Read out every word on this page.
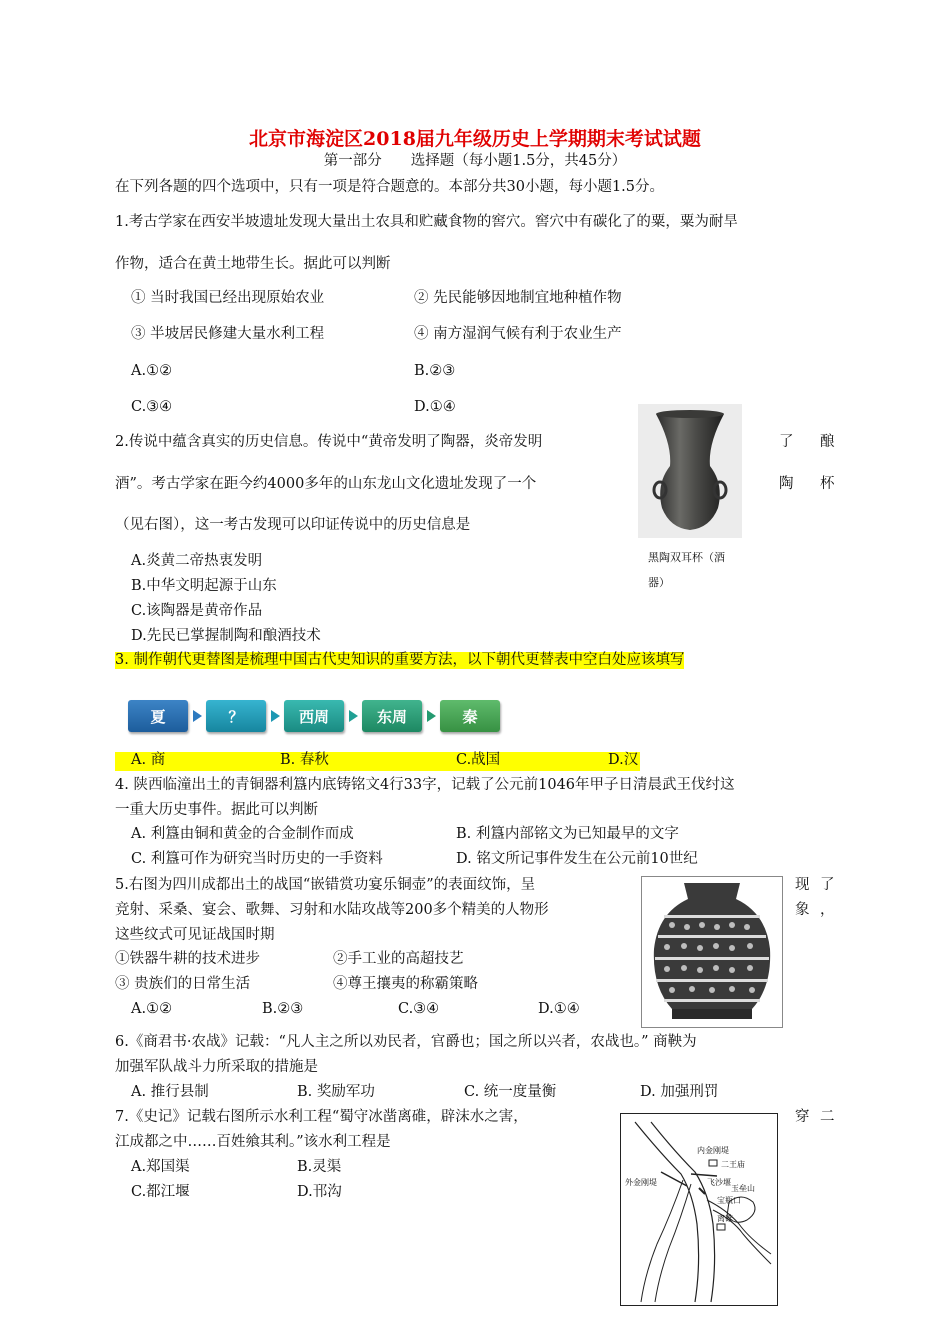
北京市海淀区2018届九年级历史上学期期末考试试题
第一部分　　选择题（每小题1.5分，共45分）
在下列各题的四个选项中，只有一项是符合题意的。本部分共30小题，每小题1.5分。
1.考古学家在西安半坡遗址发现大量出土农具和贮藏食物的窖穴。窖穴中有碳化了的粟，粟为耐旱
作物，适合在黄土地带生长。据此可以判断
① 当时我国已经出现原始农业	② 先民能够因地制宜地种植作物
③ 半坡居民修建大量水利工程	④ 南方湿润气候有利于农业生产
A.①②	B.②③
C.③④	D.①④
2.传说中蕴含真实的历史信息。传说中“黄帝发明了陶器，炎帝发明	了 酿
酒”。考古学家在距今约4000多年的山东龙山文化遗址发现了一个	陶 杯
（见右图），这一考古发现可以印证传说中的历史信息是
A.炎黄二帝热衷发明
B.中华文明起源于山东
C.该陶器是黄帝作品
D.先民已掌握制陶和酿酒技术
黑陶双耳杯（酒
器）
3. 制作朝代更替图是梳理中国古代史知识的重要方法，以下朝代更替表中空白处应该填写
夏	？	西周	东周	秦
A. 商	B. 春秋	C.战国	D.汉
4. 陕西临潼出土的青铜器利簋内底铸铭文4行33字，记载了公元前1046年甲子日清晨武王伐纣这
一重大历史事件。据此可以判断
A. 利簋由铜和黄金的合金制作而成	B. 利簋内部铭文为已知最早的文字
C. 利簋可作为研究当时历史的一手资料	D. 铭文所记事件发生在公元前10世纪
5.右图为四川成都出土的战国“嵌错赏功宴乐铜壶”的表面纹饰，呈	现 了
竞射、采桑、宴会、歌舞、习射和水陆攻战等200多个精美的人物形	象 ，
这些纹式可见证战国时期
①铁器牛耕的技术进步	②手工业的高超技艺
③ 贵族们的日常生活	④尊王攘夷的称霸策略
A.①②	B.②③	C.③④	D.①④
6.《商君书·农战》记载：“凡人主之所以劝民者，官爵也；国之所以兴者，农战也。” 商鞅为
加强军队战斗力所采取的措施是
A. 推行县制	B. 奖励军功	C. 统一度量衡	D. 加强刑罚
7.《史记》记载右图所示水利工程“蜀守冰凿离碓，辟沫水之害，	穿 二
江成都之中……百姓飨其利。”该水利工程是
A.郑国渠	B.灵渠
C.都江堰	D.邗沟
内金刚堤
二王庙
飞沙堰
宝瓶口
外金刚堤
离碓
玉垒山
